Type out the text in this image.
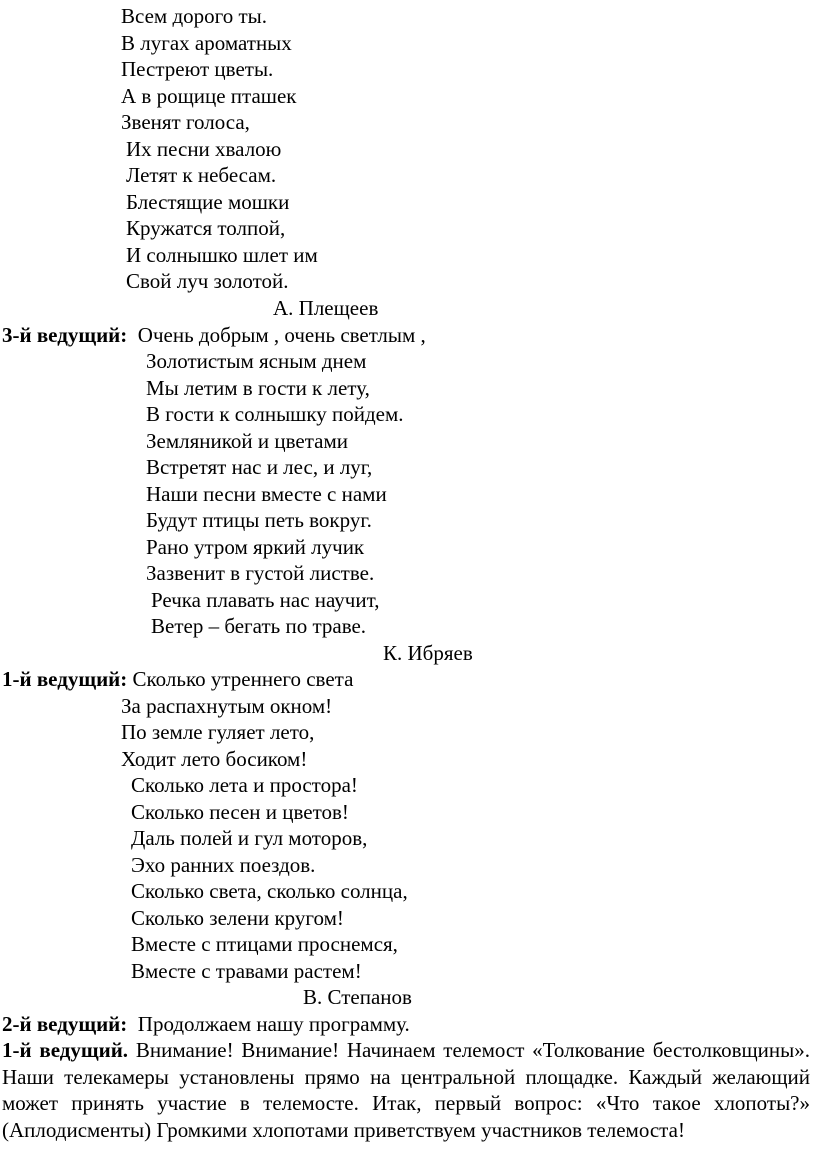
Всем дорого ты.
В лугах ароматных
Пестреют цветы.
А в рощице пташек
Звенят голоса,
Их песни хвалою
Летят к небесам.
Блестящие мошки
Кружатся толпой,
И солнышко шлет им
Свой луч золотой.
А. Плещеев
3-й ведущий: Очень добрым , очень светлым ,
Золотистым ясным днем
Мы летим в гости к лету,
В гости к солнышку пойдем.
Земляникой и цветами
Встретят нас и лес, и луг,
Наши песни вместе с нами
Будут птицы петь вокруг.
Рано утром яркий лучик
Зазвенит в густой листве.
Речка плавать нас научит,
Ветер – бегать по траве.
К. Ибряев
1-й ведущий: Сколько утреннего света
За распахнутым окном!
По земле гуляет лето,
Ходит лето босиком!
Сколько лета и простора!
Сколько песен и цветов!
Даль полей и гул моторов,
Эхо ранних поездов.
Сколько света, сколько солнца,
Сколько зелени кругом!
Вместе с птицами проснемся,
Вместе с травами растем!
В. Степанов
2-й ведущий: Продолжаем нашу программу.
1-й ведущий. Внимание! Внимание! Начинаем телемост «Толкование бестолковщины». Наши телекамеры установлены прямо на центральной площадке. Каждый желающий может принять участие в телемосте. Итак, первый вопрос: «Что такое хлопоты?» (Аплодисменты) Громкими хлопотами приветствуем участников телемоста!
